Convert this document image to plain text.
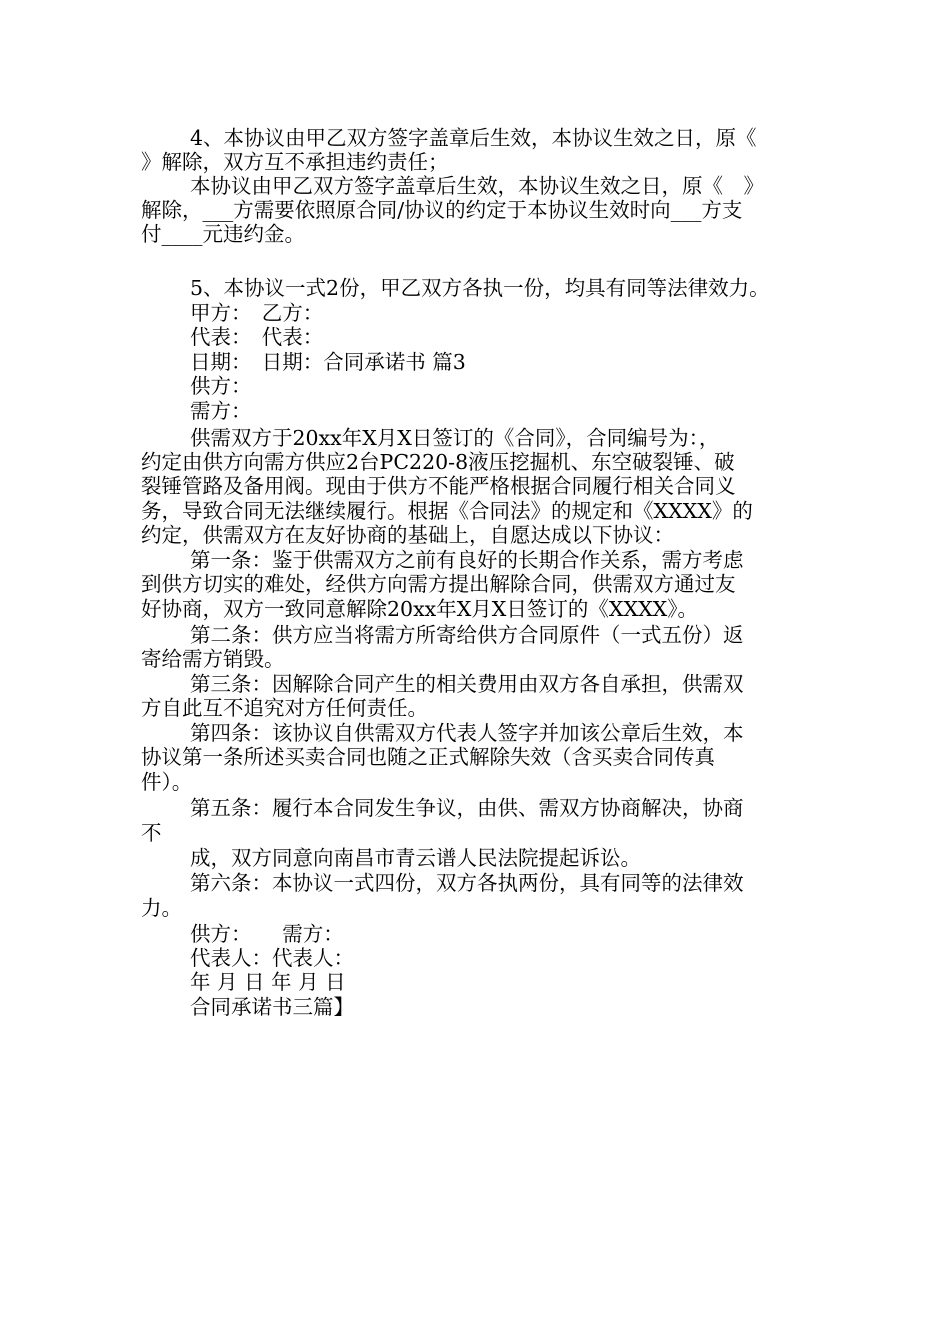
4、本协议由甲乙双方签字盖章后生效，本协议生效之日，原《
》解除，双方互不承担违约责任；
本协议由甲乙双方签字盖章后生效，本协议生效之日，原《　》
解除，___方需要依照原合同/协议的约定于本协议生效时向___方支
付____元违约金。
5、本协议一式2份，甲乙双方各执一份，均具有同等法律效力。
甲方：　乙方：
代表：　代表：
日期：　日期：合同承诺书 篇3
供方：
需方：
供需双方于20xx年X月X日签订的《合同》，合同编号为：，
约定由供方向需方供应2台PC220-8液压挖掘机、东空破裂锤、破
裂锤管路及备用阀。现由于供方不能严格根据合同履行相关合同义
务，导致合同无法继续履行。根据《合同法》的规定和《XXXX》的
约定，供需双方在友好协商的基础上，自愿达成以下协议：
第一条：鉴于供需双方之前有良好的长期合作关系，需方考虑
到供方切实的难处，经供方向需方提出解除合同，供需双方通过友
好协商，双方一致同意解除20xx年X月X日签订的《XXXX》。
第二条：供方应当将需方所寄给供方合同原件（一式五份）返
寄给需方销毁。
第三条：因解除合同产生的相关费用由双方各自承担，供需双
方自此互不追究对方任何责任。
第四条：该协议自供需双方代表人签字并加该公章后生效，本
协议第一条所述买卖合同也随之正式解除失效（含买卖合同传真
件）。
第五条：履行本合同发生争议，由供、需双方协商解决，协商
不
成，双方同意向南昌市青云谱人民法院提起诉讼。
第六条：本协议一式四份，双方各执两份，具有同等的法律效
力。
供方：　　需方：
代表人：代表人：
年 月 日 年 月 日
合同承诺书三篇】
